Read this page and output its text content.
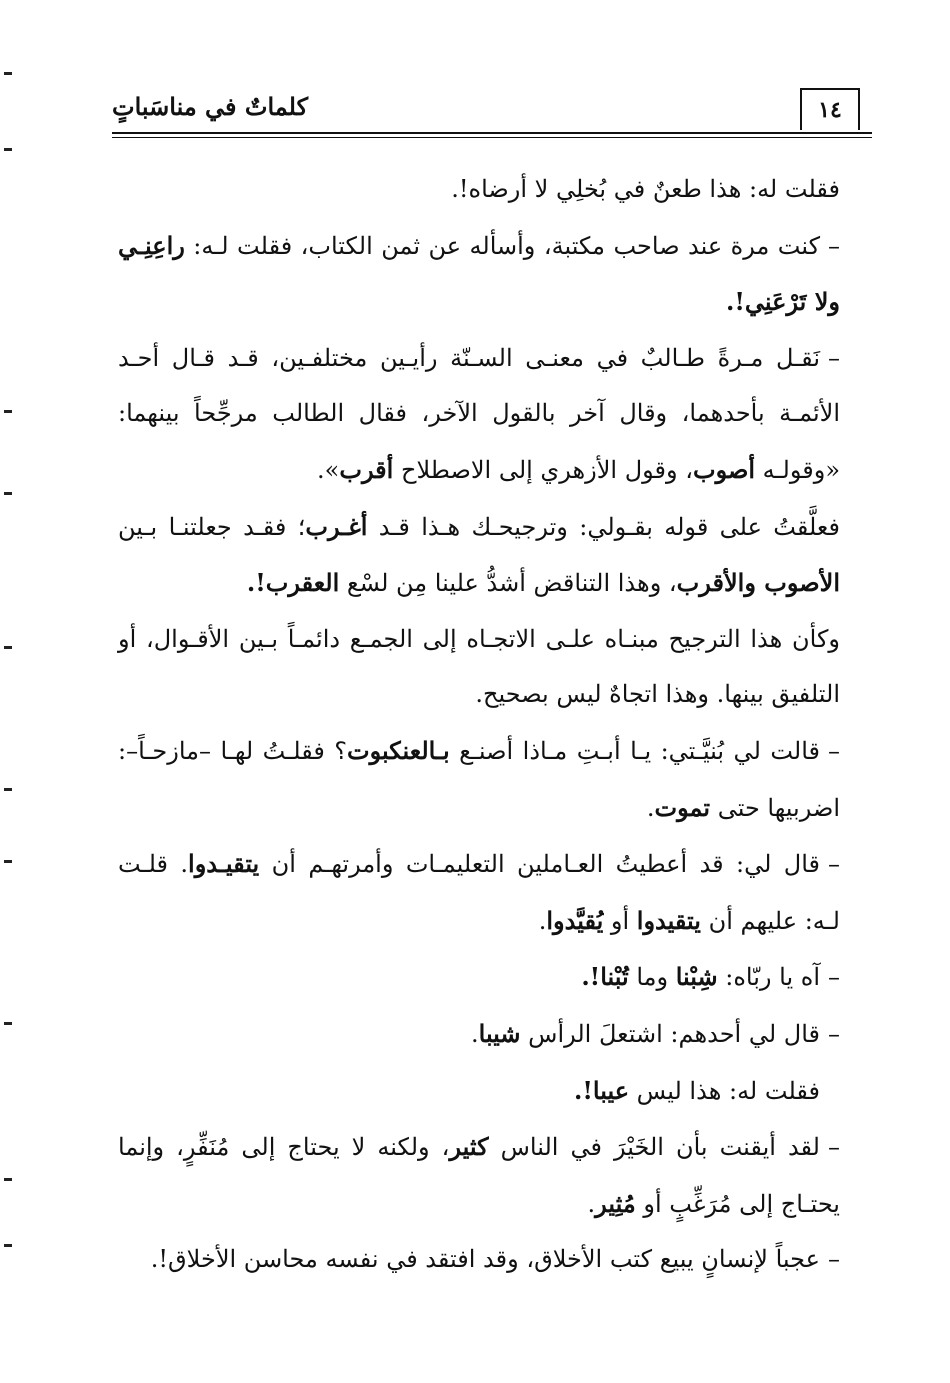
١٤
كلماتٌ في مناسَباتٍ

فقلت له: هذا طعنٌ في بُخلِي لا أرضاه!.

–كنت مرة عند صاحب مكتبة، وأسأله عن ثمن الكتاب، فقلت لـه: راعِنِـي ولا تَرْعَنِي!.

–نَقـل مـرةً طـالبٌ في معنـى السـنّة رأيـين مختلفـين، قـد قـال أحـد الأئمـة بأحدهما، وقال آخر بالقول الآخر، فقال الطالب مرجِّحاً بينهما: «وقولـه أصوب، وقول الأزهري إلى الاصطلاح أقرب».

فعلَّقتُ على قوله بقـولي: وترجيحـك هـذا قـد أغـرب؛ فقـد جعلتنـا بـين الأصوب والأقرب، وهذا التناقض أشدُّ علينا مِن لسْع العقرب!.

وكأن هذا الترجيح مبنـاه علـى الاتجـاه إلى الجمـع دائمـاً بـين الأقـوال، أو التلفيق بينها. وهذا اتجاهٌ ليس بصحيح.

–قالت لي بُنيَّـتي: يـا أبـتِ مـاذا أصنـع بـالعنكبوت؟ فقلـتُ لهـا –مازحـاً–: اضربيها حتى تموت.

–قال لي: قد أعطيتُ العـاملين التعليمـات وأمرتهـم أن يتقيـدوا. قلـت لـه: عليهم أن يتقيدوا أو يُقيَّدوا.

–آه يا ربّاه: شِبْنا وما تُبْنا!.

–قال لي أحدهم: اشتعلَ الرأس شيبا.

فقلت له: هذا ليس عيبا!.

–لقد أيقنت بأن الخَيْرَ في الناس كثير، ولكنه لا يحتاج إلى مُنَفِّرٍ، وإنما يحتـاج إلى مُرَغِّبٍ أو مُثِير.

–عجباً لإنسانٍ يبيع كتب الأخلاق، وقد افتقد في نفسه محاسن الأخلاق!.
